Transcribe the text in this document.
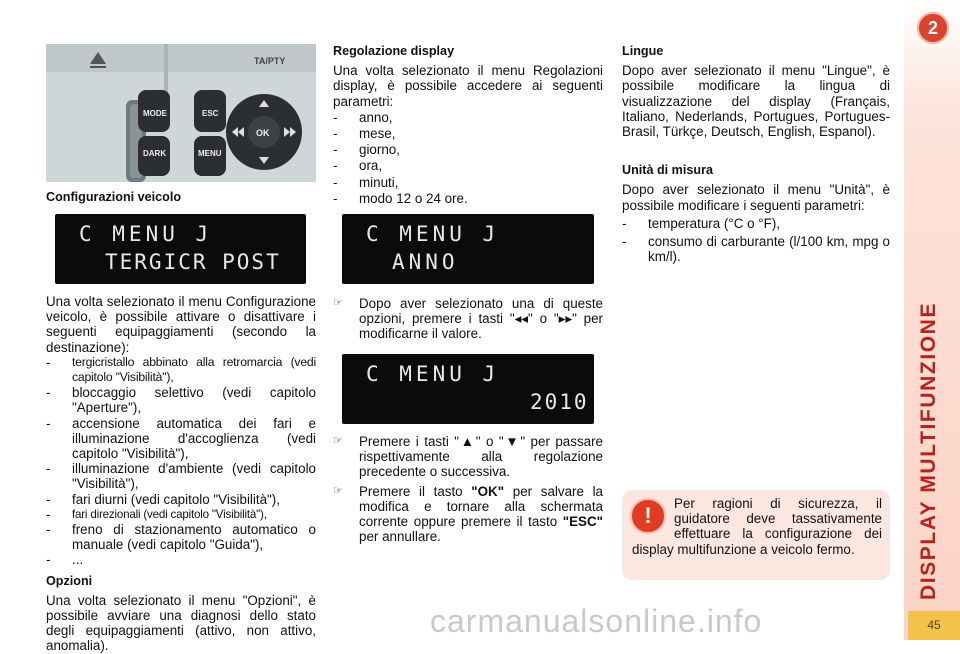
2
DISPLAY MULTIFUNZIONE
45
TA/PTY
MODE
DARK
ESC
MENU
OK

Configurazioni veicolo

C MENU J
TERGICR POST

Una volta selezionato il menu Configurazione veicolo, è possibile attivare o disattivare i seguenti equipaggiamenti (secondo la destinazione):

-	tergicristallo abbinato alla retromarcia (vedi capitolo "Visibilità"),
-	bloccaggio selettivo (vedi capitolo "Aperture"),
-	accensione automatica dei fari e illuminazione d'accoglienza (vedi capitolo "Visibilità"),
-	illuminazione d'ambiente (vedi capitolo "Visibilità"),
-	fari diurni (vedi capitolo "Visibilità"),
-	fari direzionali (vedi capitolo "Visibilità"),
-	freno di stazionamento automatico o manuale (vedi capitolo "Guida"),
-	...

Opzioni

Una volta selezionato il menu "Opzioni", è possibile avviare una diagnosi dello stato degli equipaggiamenti (attivo, non attivo, anomalia).

Regolazione display

Una volta selezionato il menu Regolazioni display, è possibile accedere ai seguenti parametri:

-	anno,
-	mese,
-	giorno,
-	ora,
-	minuti,
-	modo 12 o 24 ore.
C MENU J
ANNO
☞	Dopo aver selezionato una di queste opzioni, premere i tasti "◂◂" o "▸▸" per modificarne il valore.
C MENU J
2010
☞	Premere i tasti "▲" o "▼" per passare rispettivamente alla regolazione precedente o successiva.
☞	Premere il tasto "OK" per salvare la modifica e tornare alla schermata corrente oppure premere il tasto "ESC" per annullare.

Lingue

Dopo aver selezionato il menu "Lingue", è possibile modificare la lingua di visualizzazione del display (Français, Italiano, Nederlands, Portugues, Portugues-Brasil, Türkçe, Deutsch, English, Espanol).

Unità di misura

Dopo aver selezionato il menu "Unità", è possibile modificare i seguenti parametri:

-	temperatura (°C o °F),
-	consumo di carburante (l/100 km, mpg o km/l).
!	Per ragioni di sicurezza, il guidatore deve tassativamente effettuare la configurazione dei display multifunzione a veicolo fermo.
carmanualsonline.info
